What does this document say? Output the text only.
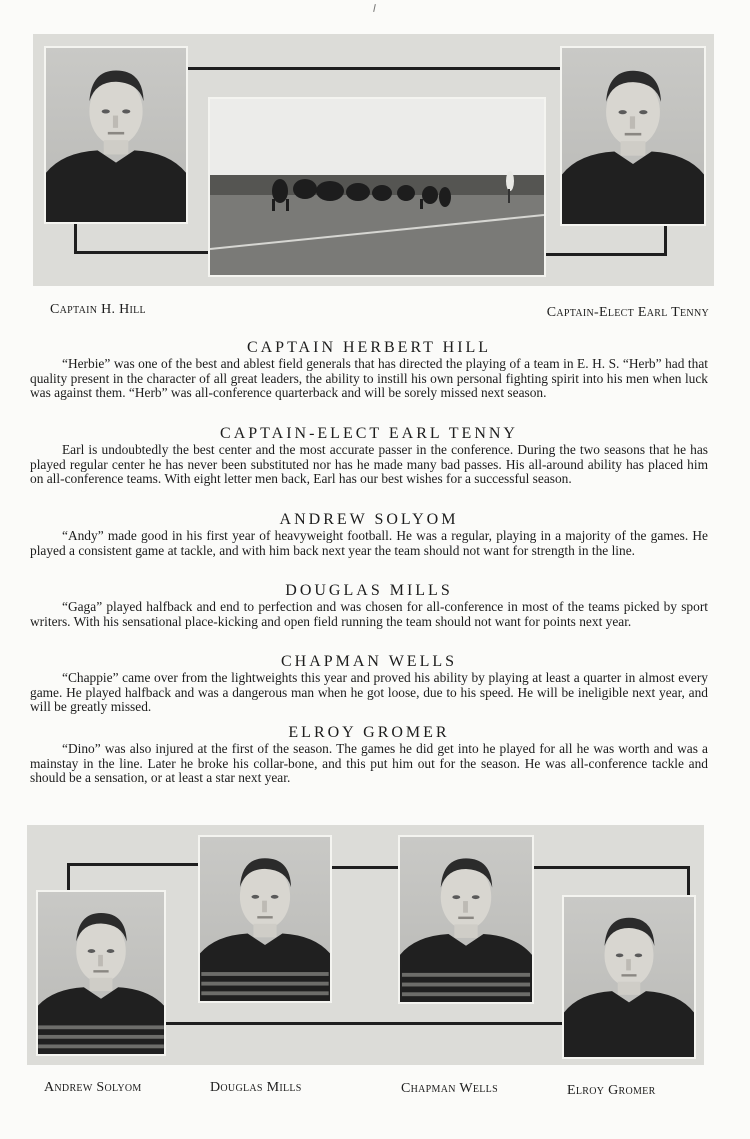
Captain H. Hill	Captain-Elect Earl Tenny
CAPTAIN HERBERT HILL

“Herbie” was one of the best and ablest field generals that has directed the playing of a team in E. H. S. “Herb” had that quality present in the character of all great leaders, the ability to instill his own personal fighting spirit into his men when luck was against them. “Herb” was all-conference quarterback and will be sorely missed next season.

CAPTAIN-ELECT EARL TENNY

Earl is undoubtedly the best center and the most accurate passer in the conference. During the two seasons that he has played regular center he has never been substituted nor has he made many bad passes. His all-around ability has placed him on all-conference teams. With eight letter men back, Earl has our best wishes for a successful season.

ANDREW SOLYOM

“Andy” made good in his first year of heavyweight football. He was a regular, playing in a majority of the games. He played a consistent game at tackle, and with him back next year the team should not want for strength in the line.

DOUGLAS MILLS

“Gaga” played halfback and end to perfection and was chosen for all-conference in most of the teams picked by sport writers. With his sensational place-kicking and open field running the team should not want for points next year.

CHAPMAN WELLS

“Chappie” came over from the lightweights this year and proved his ability by playing at least a quarter in almost every game. He played halfback and was a dangerous man when he got loose, due to his speed. He will be ineligible next year, and will be greatly missed.

ELROY GROMER

“Dino” was also injured at the first of the season. The games he did get into he played for all he was worth and was a mainstay in the line. Later he broke his collar-bone, and this put him out for the season. He was all-conference tackle and should be a sensation, or at least a star next year.

Andrew Solyom	Douglas Mills	Chapman Wells	Elroy Gromer
